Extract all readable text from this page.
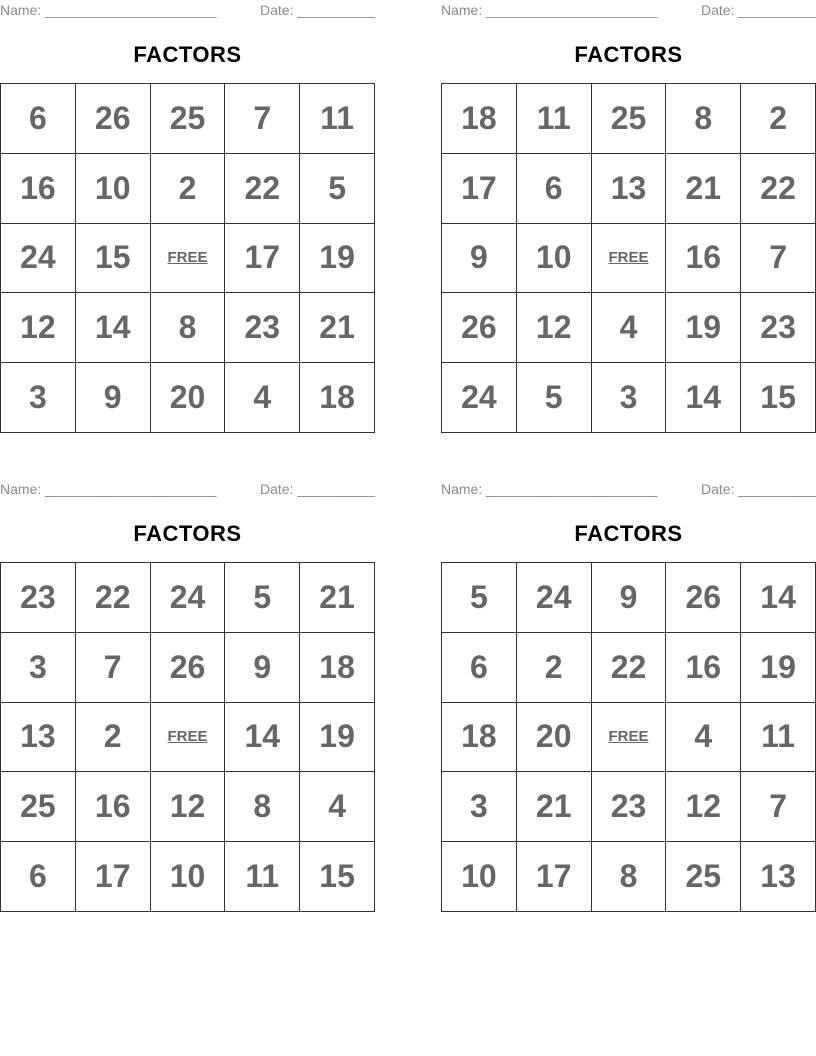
Name: ______________________	Date: __________
FACTORS
6	26	25	7	11
16	10	2	22	5
24	15	FREE	17	19
12	14	8	23	21
3	9	20	4	18
Name: ______________________	Date: __________
FACTORS
18	11	25	8	2
17	6	13	21	22
9	10	FREE	16	7
26	12	4	19	23
24	5	3	14	15
Name: ______________________	Date: __________
FACTORS
23	22	24	5	21
3	7	26	9	18
13	2	FREE	14	19
25	16	12	8	4
6	17	10	11	15
Name: ______________________	Date: __________
FACTORS
5	24	9	26	14
6	2	22	16	19
18	20	FREE	4	11
3	21	23	12	7
10	17	8	25	13
